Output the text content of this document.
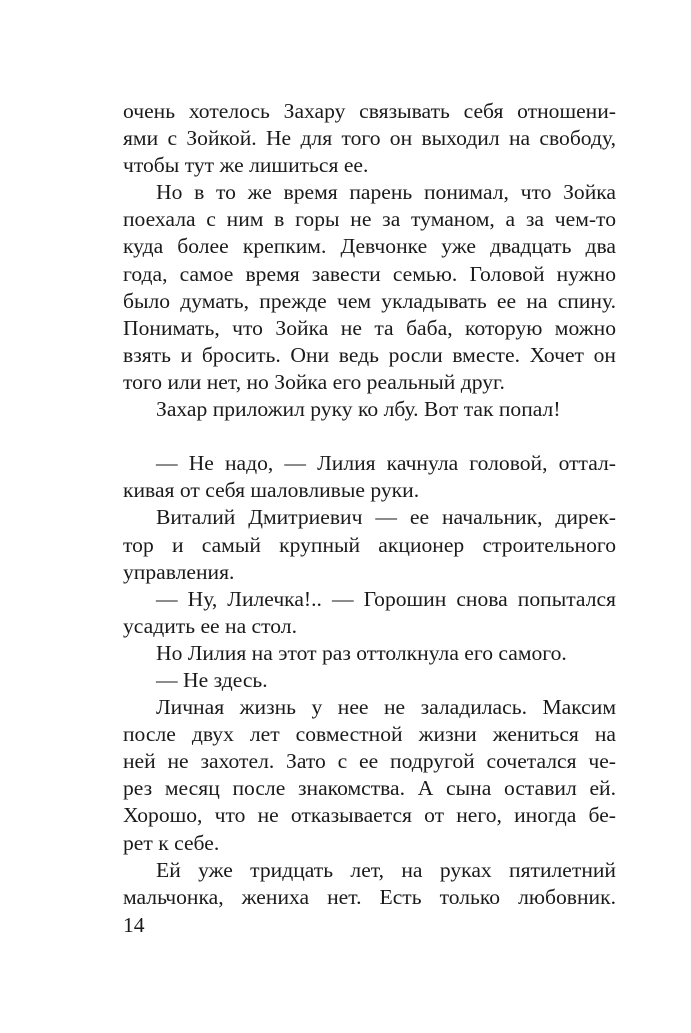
очень хотелось Захару связывать себя отношени-
ями с Зойкой. Не для того он выходил на свободу,
чтобы тут же лишиться ее.
Но в то же время парень понимал, что Зойка
поехала с ним в горы не за туманом, а за чем-то
куда более крепким. Девчонке уже двадцать два
года, самое время завести семью. Головой нужно
было думать, прежде чем укладывать ее на спину.
Понимать, что Зойка не та баба, которую можно
взять и бросить. Они ведь росли вместе. Хочет он
того или нет, но Зойка его реальный друг.
Захар приложил руку ко лбу. Вот так попал!
— Не надо, — Лилия качнула головой, оттал-
кивая от себя шаловливые руки.
Виталий Дмитриевич — ее начальник, дирек-
тор и самый крупный акционер строительного
управления.
— Ну, Лилечка!.. — Горошин снова попытался
усадить ее на стол.
Но Лилия на этот раз оттолкнула его самого.
— Не здесь.
Личная жизнь у нее не заладилась. Максим
после двух лет совместной жизни жениться на
ней не захотел. Зато с ее подругой сочетался че-
рез месяц после знакомства. А сына оставил ей.
Хорошо, что не отказывается от него, иногда бе-
рет к себе.
Ей уже тридцать лет, на руках пятилетний
мальчонка, жениха нет. Есть только любовник.
14
